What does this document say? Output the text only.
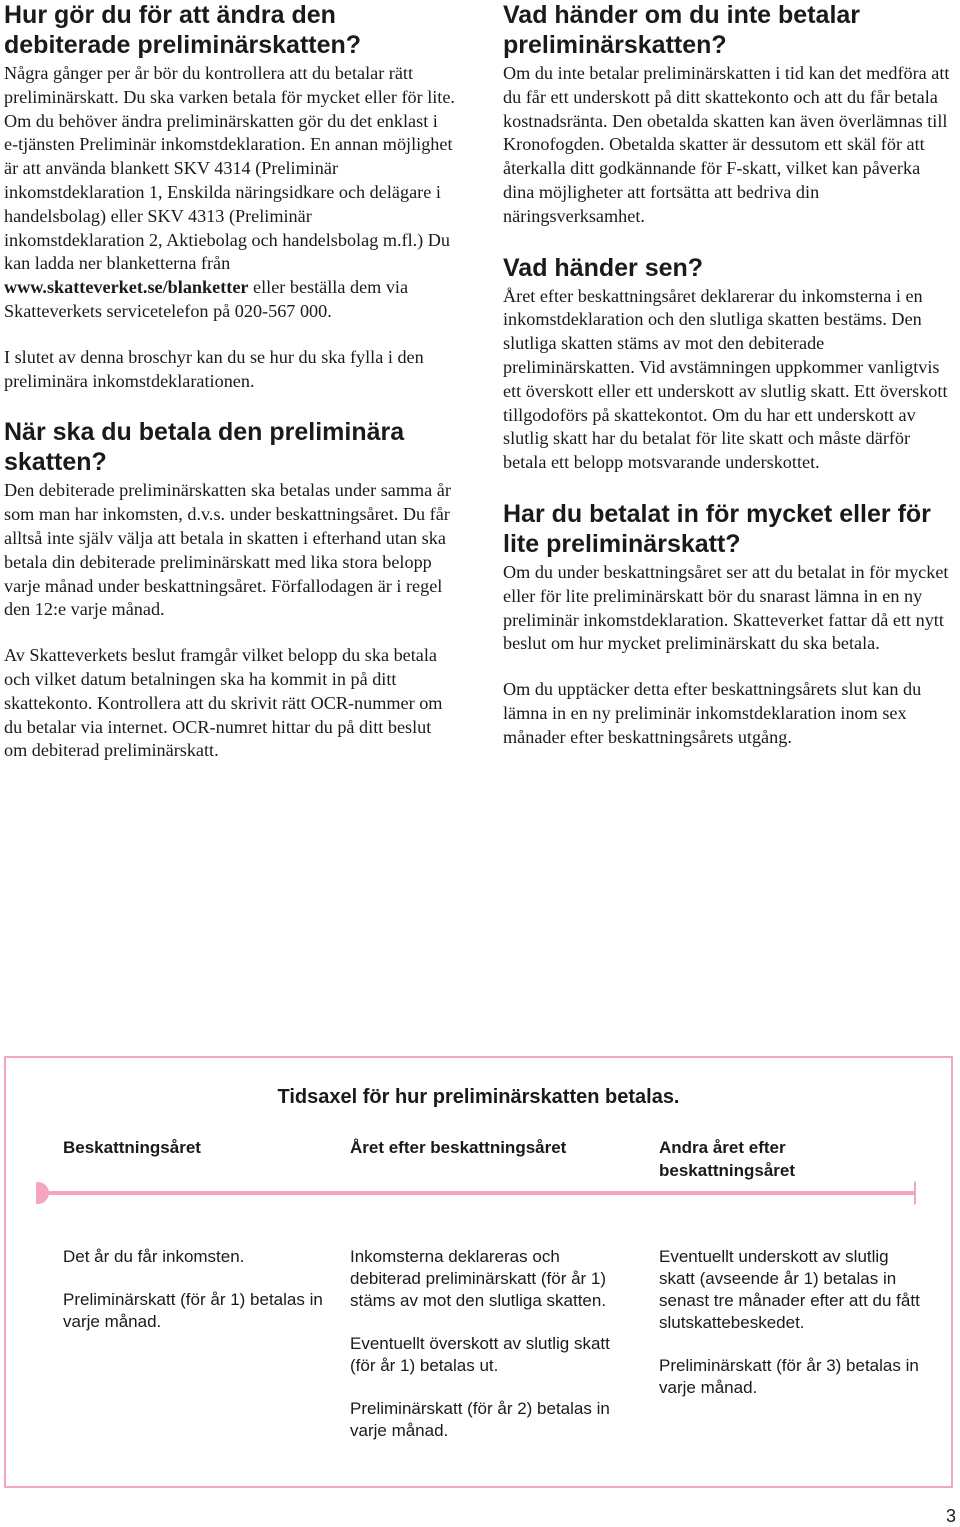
Hur gör du för att ändra den debiterade preliminärskatten?

Några gånger per år bör du kontrollera att du betalar rätt preliminärskatt. Du ska varken betala för mycket eller för lite. Om du behöver ändra preliminärskatten gör du det enklast i e-tjänsten Preliminär inkomstdeklaration. En annan möjlighet är att använda blankett SKV 4314 (Preliminär inkomstdeklaration 1, Enskilda näringsidkare och delägare i handelsbolag) eller SKV 4313 (Preliminär inkomstdeklaration 2, Aktiebolag och handelsbolag m.fl.) Du kan ladda ner blanketterna från www.skatteverket.se/blanketter eller beställa dem via Skatteverkets servicetelefon på 020-567 000.

I slutet av denna broschyr kan du se hur du ska fylla i den preliminära inkomstdeklarationen.

När ska du betala den preliminära skatten?

Den debiterade preliminärskatten ska betalas under samma år som man har inkomsten, d.v.s. under beskattningsåret. Du får alltså inte själv välja att betala in skatten i efterhand utan ska betala din debiterade preliminärskatt med lika stora belopp varje månad under beskattningsåret. Förfallodagen är i regel den 12:e varje månad.

Av Skatteverkets beslut framgår vilket belopp du ska betala och vilket datum betalningen ska ha kommit in på ditt skattekonto. Kontrollera att du skrivit rätt OCR-nummer om du betalar via internet. OCR-numret hittar du på ditt beslut om debiterad preliminärskatt.

Vad händer om du inte betalar preliminärskatten?

Om du inte betalar preliminärskatten i tid kan det medföra att du får ett underskott på ditt skattekonto och att du får betala kostnadsränta. Den obetalda skatten kan även överlämnas till Kronofogden. Obetalda skatter är dessutom ett skäl för att återkalla ditt godkännande för F-skatt, vilket kan påverka dina möjligheter att fortsätta att bedriva din näringsverksamhet.

Vad händer sen?

Året efter beskattningsåret deklarerar du inkomsterna i en inkomstdeklaration och den slutliga skatten bestäms. Den slutliga skatten stäms av mot den debiterade preliminärskatten. Vid avstämningen uppkommer vanligtvis ett överskott eller ett underskott av slutlig skatt. Ett överskott tillgodoförs på skattekontot. Om du har ett underskott av slutlig skatt har du betalat för lite skatt och måste därför betala ett belopp motsvarande underskottet.

Har du betalat in för mycket eller för lite preliminärskatt?

Om du under beskattningsåret ser att du betalat in för mycket eller för lite preliminärskatt bör du snarast lämna in en ny preliminär inkomstdeklaration. Skatteverket fattar då ett nytt beslut om hur mycket preliminärskatt du ska betala.

Om du upptäcker detta efter beskattningsårets slut kan du lämna in en ny preliminär inkomstdeklaration inom sex månader efter beskattningsårets utgång.

Tidsaxel för hur preliminärskatten betalas.
Beskattningsåret	Året efter beskattningsåret	Andra året efter beskattningsåret

Det år du får inkomsten.

Preliminärskatt (för år 1) betalas in varje månad.

Inkomsterna deklareras och debiterad preliminärskatt (för år 1) stäms av mot den slutliga skatten.

Eventuellt överskott av slutlig skatt (för år 1) betalas ut.

Preliminärskatt (för år 2) betalas in varje månad.

Eventuellt underskott av slutlig skatt (avseende år 1) betalas in senast tre månader efter att du fått slutskattebeskedet.

Preliminärskatt (för år 3) betalas in varje månad.

3
